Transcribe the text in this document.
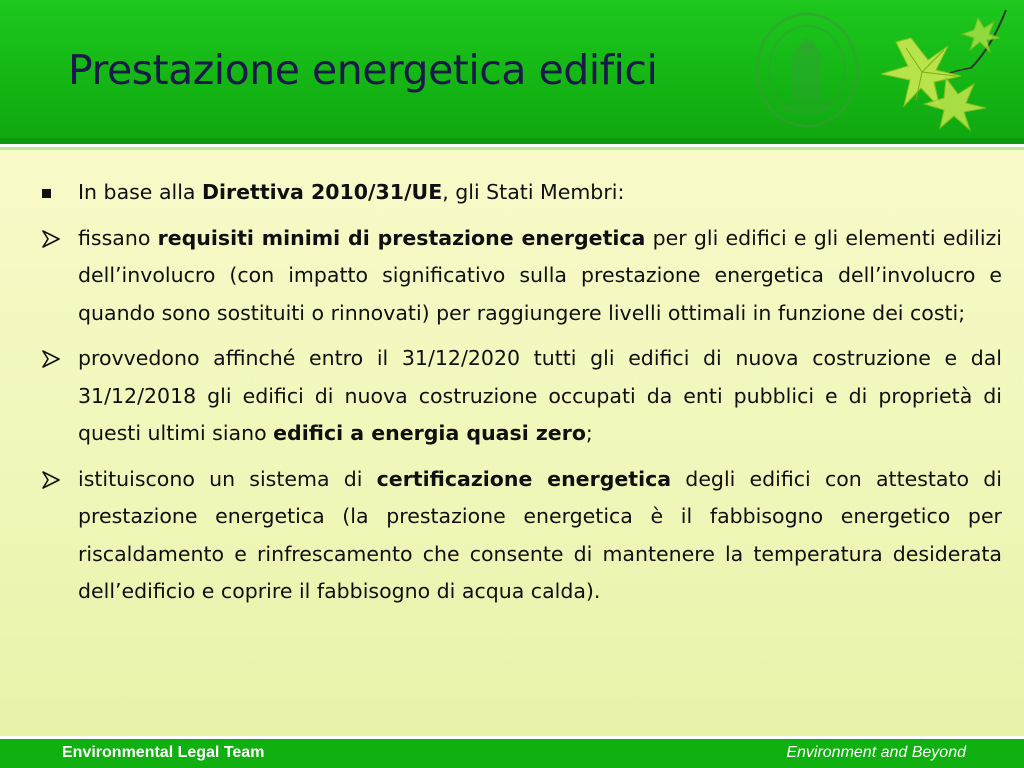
Prestazione energetica edifici
In base alla Direttiva 2010/31/UE, gli Stati Membri:
fissano requisiti minimi di prestazione energetica per gli edifici e gli elementi edilizi dell’involucro (con impatto significativo sulla prestazione energetica dell’involucro e quando sono sostituiti o rinnovati) per raggiungere livelli ottimali in funzione dei costi;
provvedono affinché entro il 31/12/2020 tutti gli edifici di nuova costruzione e dal 31/12/2018 gli edifici di nuova costruzione occupati da enti pubblici e di proprietà di questi ultimi siano edifici a energia quasi zero;
istituiscono un sistema di certificazione energetica degli edifici con attestato di prestazione energetica (la prestazione energetica è il fabbisogno energetico per riscaldamento e rinfrescamento che consente di mantenere la temperatura desiderata dell’edificio e coprire il fabbisogno di acqua calda).
Environmental Legal Team	Environment and Beyond
